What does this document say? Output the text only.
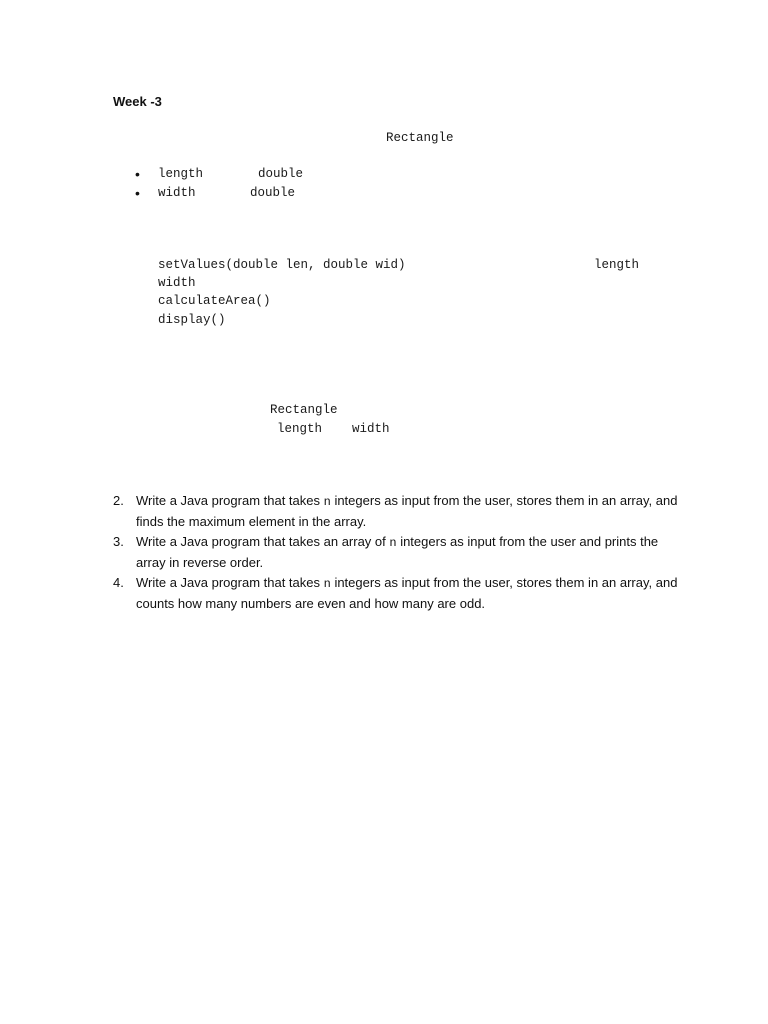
Week -3
Rectangle
• length	double
• width	double
setValues(double len, double wid)	length
width
calculateArea()
display()
Rectangle
length width
2. Write a Java program that takes n integers as input from the user, stores them in an array, and finds the maximum element in the array.
3. Write a Java program that takes an array of n integers as input from the user and prints the array in reverse order.
4. Write a Java program that takes n integers as input from the user, stores them in an array, and counts how many numbers are even and how many are odd.
